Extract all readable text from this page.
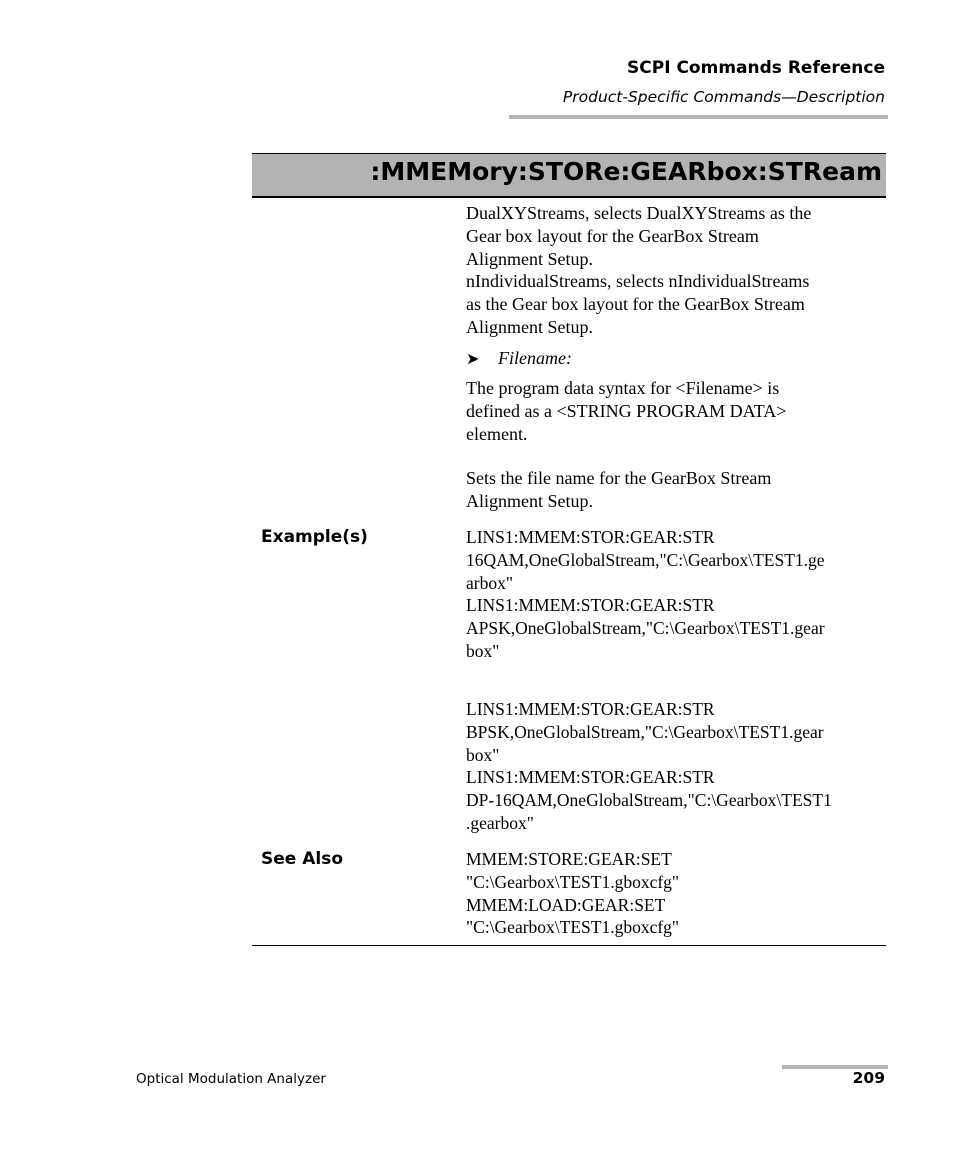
SCPI Commands Reference
Product-Specific Commands—Description
:MMEMory:STORe:GEARbox:STReam

DualXYStreams, selects DualXYStreams as the

Gear box layout for the GearBox Stream

Alignment Setup.

nIndividualStreams, selects nIndividualStreams

as the Gear box layout for the GearBox Stream

Alignment Setup.

➤ Filename:

The program data syntax for <Filename> is

defined as a <STRING PROGRAM DATA>

element.

Sets the file name for the GearBox Stream

Alignment Setup.

Example(s)	LINS1:MMEM:STOR:GEAR:STR

16QAM,OneGlobalStream,"C:\Gearbox\TEST1.ge

arbox"

LINS1:MMEM:STOR:GEAR:STR

APSK,OneGlobalStream,"C:\Gearbox\TEST1.gear

box"

LINS1:MMEM:STOR:GEAR:STR

BPSK,OneGlobalStream,"C:\Gearbox\TEST1.gear

box"

LINS1:MMEM:STOR:GEAR:STR

DP-16QAM,OneGlobalStream,"C:\Gearbox\TEST1

.gearbox"

See Also	MMEM:STORE:GEAR:SET

"C:\Gearbox\TEST1.gboxcfg"

MMEM:LOAD:GEAR:SET

"C:\Gearbox\TEST1.gboxcfg"

Optical Modulation Analyzer	209
